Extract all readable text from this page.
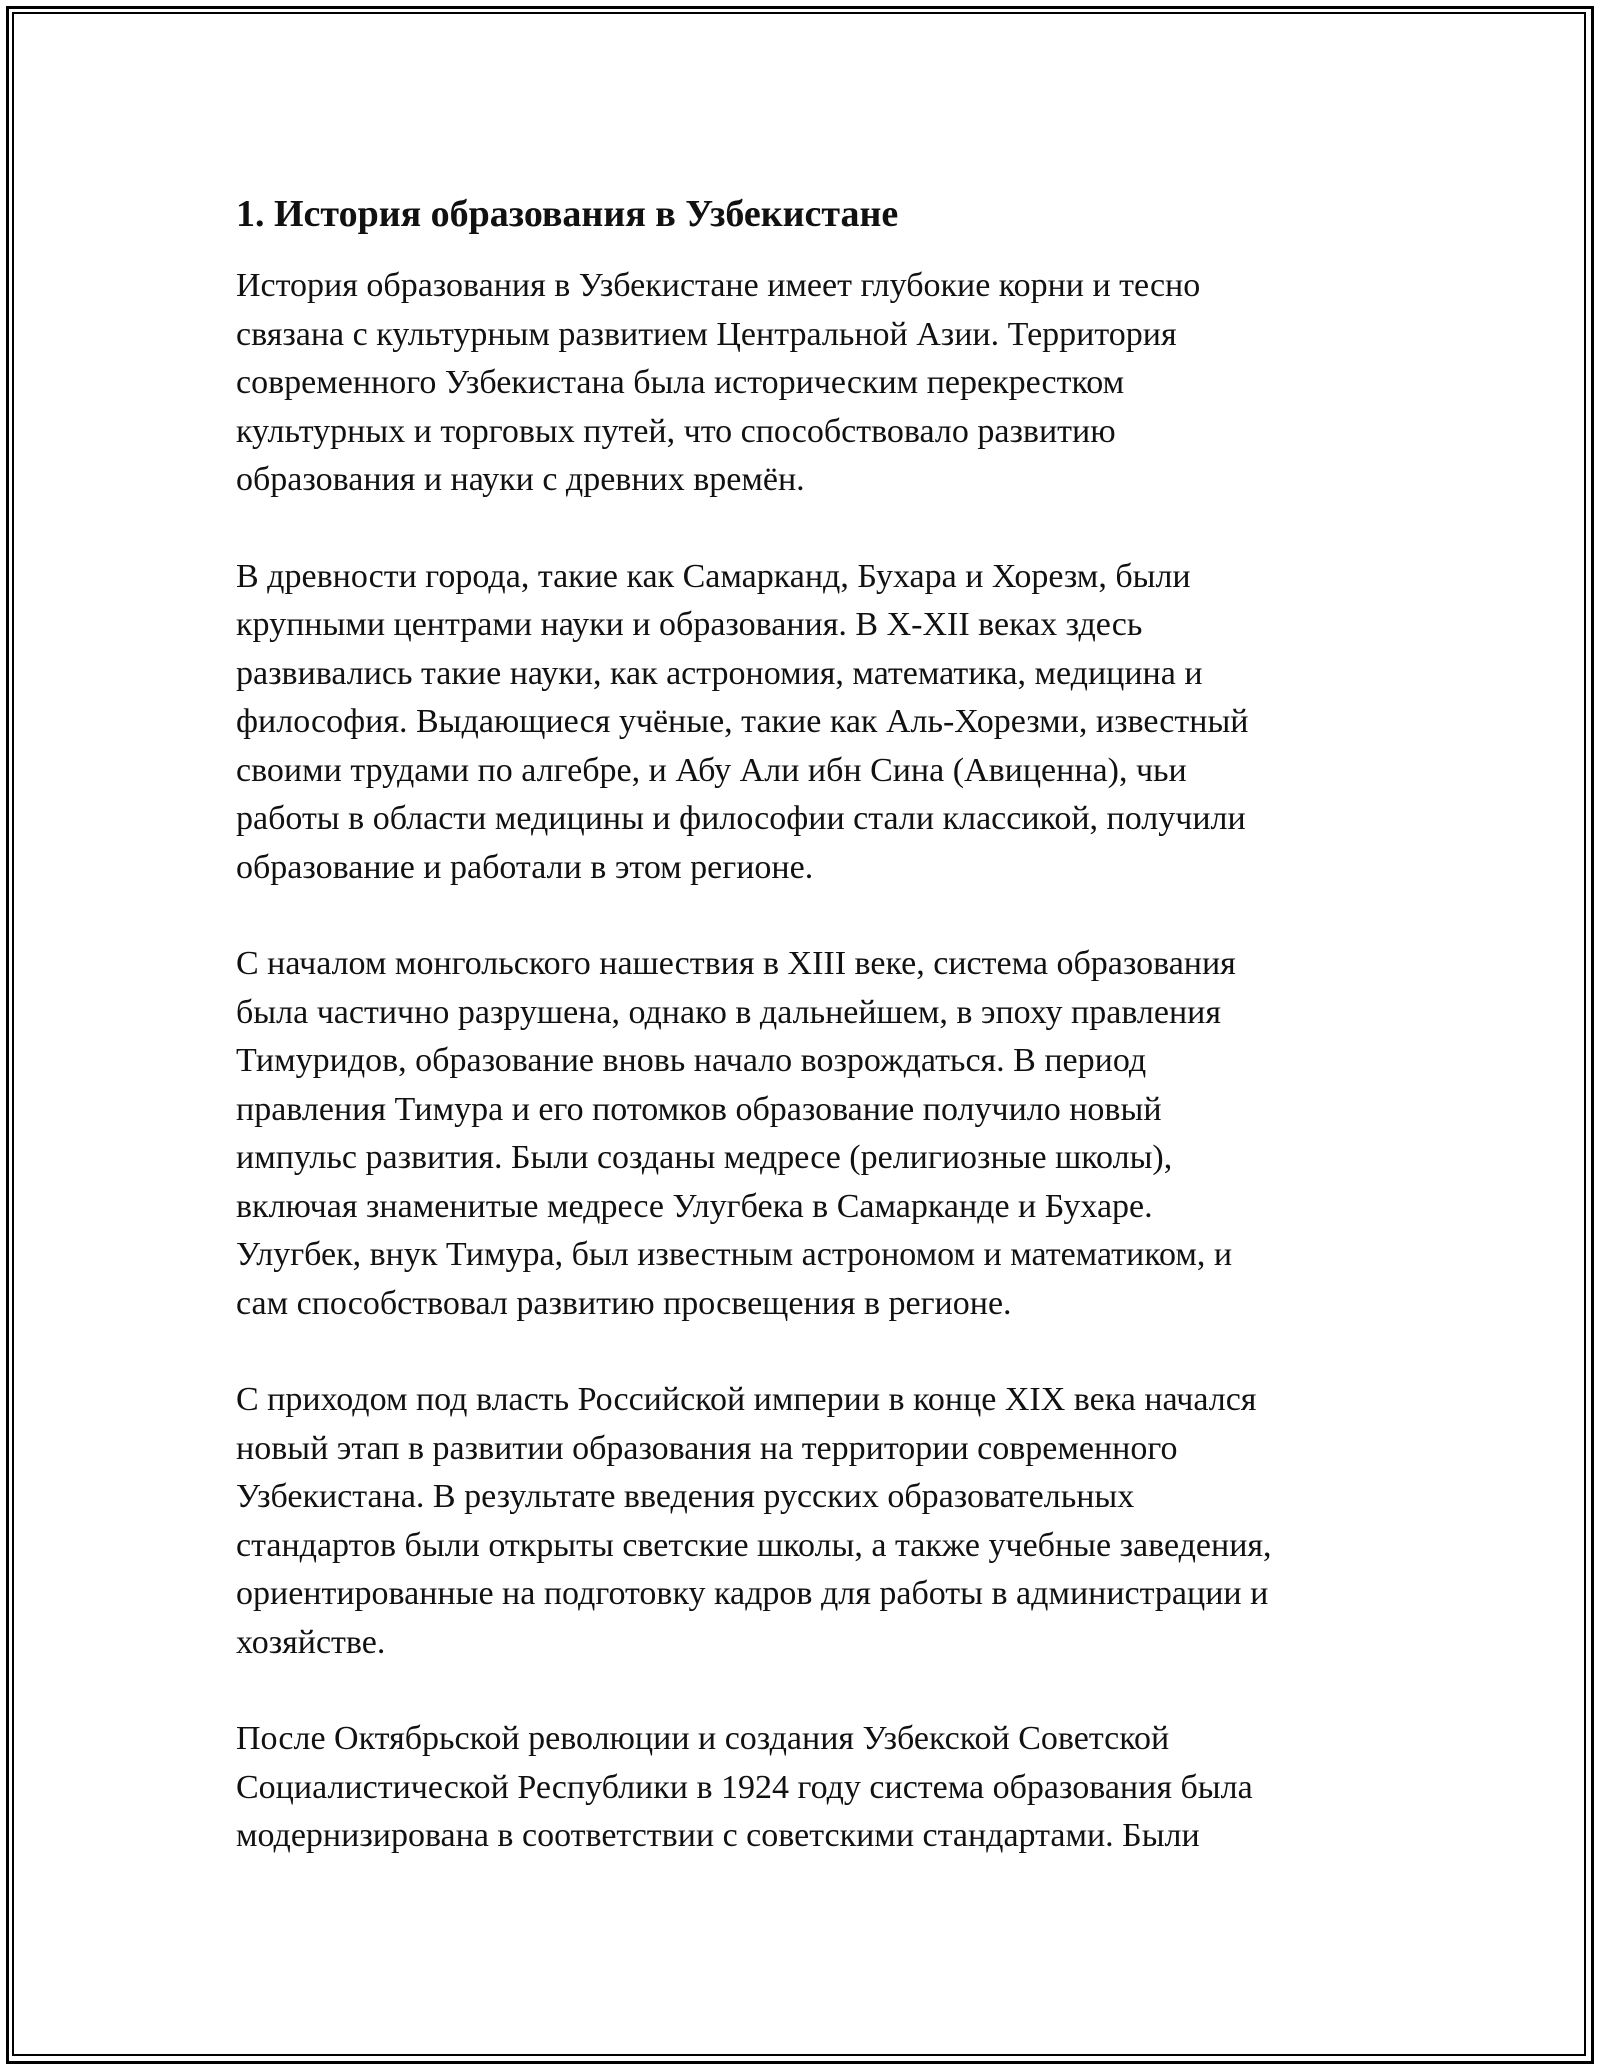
1. История образования в Узбекистане

История образования в Узбекистане имеет глубокие корни и тесно
связана с культурным развитием Центральной Азии. Территория
современного Узбекистана была историческим перекрестком
культурных и торговых путей, что способствовало развитию
образования и науки с древних времён.

В древности города, такие как Самарканд, Бухара и Хорезм, были
крупными центрами науки и образования. В X-XII веках здесь
развивались такие науки, как астрономия, математика, медицина и
философия. Выдающиеся учёные, такие как Аль-Хорезми, известный
своими трудами по алгебре, и Абу Али ибн Сина (Авиценна), чьи
работы в области медицины и философии стали классикой, получили
образование и работали в этом регионе.

С началом монгольского нашествия в XIII веке, система образования
была частично разрушена, однако в дальнейшем, в эпоху правления
Тимуридов, образование вновь начало возрождаться. В период
правления Тимура и его потомков образование получило новый
импульс развития. Были созданы медресе (религиозные школы),
включая знаменитые медресе Улугбека в Самарканде и Бухаре.
Улугбек, внук Тимура, был известным астрономом и математиком, и
сам способствовал развитию просвещения в регионе.

С приходом под власть Российской империи в конце XIX века начался
новый этап в развитии образования на территории современного
Узбекистана. В результате введения русских образовательных
стандартов были открыты светские школы, а также учебные заведения,
ориентированные на подготовку кадров для работы в администрации и
хозяйстве.

После Октябрьской революции и создания Узбекской Советской
Социалистической Республики в 1924 году система образования была
модернизирована в соответствии с советскими стандартами. Были
